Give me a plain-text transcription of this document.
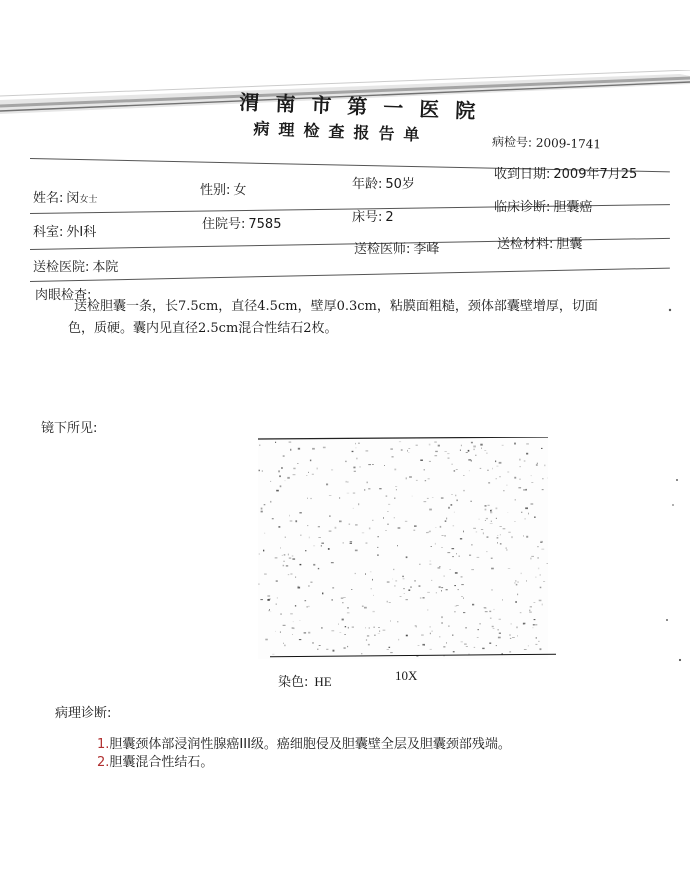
渭南市第一医院
病理检查报告单	病检号: 2009-1741
姓名: 闵女士
性别: 女	年龄: 50岁
收到日期: 2009年7月25
科室: 外Ⅰ科
住院号: 7585	床号: 2
临床诊断: 胆囊癌
送检医院: 本院
送检医师: 李峰	送检材料: 胆囊
肉眼检查:
送检胆囊一条，长7.5cm，直径4.5cm，壁厚0.3cm，粘膜面粗糙，颈体部囊壁增厚，切面
色，质硬。囊内见直径2.5cm混合性结石2枚。
镜下所见:
染色: HE	10X
病理诊断:
1.胆囊颈体部浸润性腺癌III级。癌细胞侵及胆囊壁全层及胆囊颈部残端。
2.胆囊混合性结石。
